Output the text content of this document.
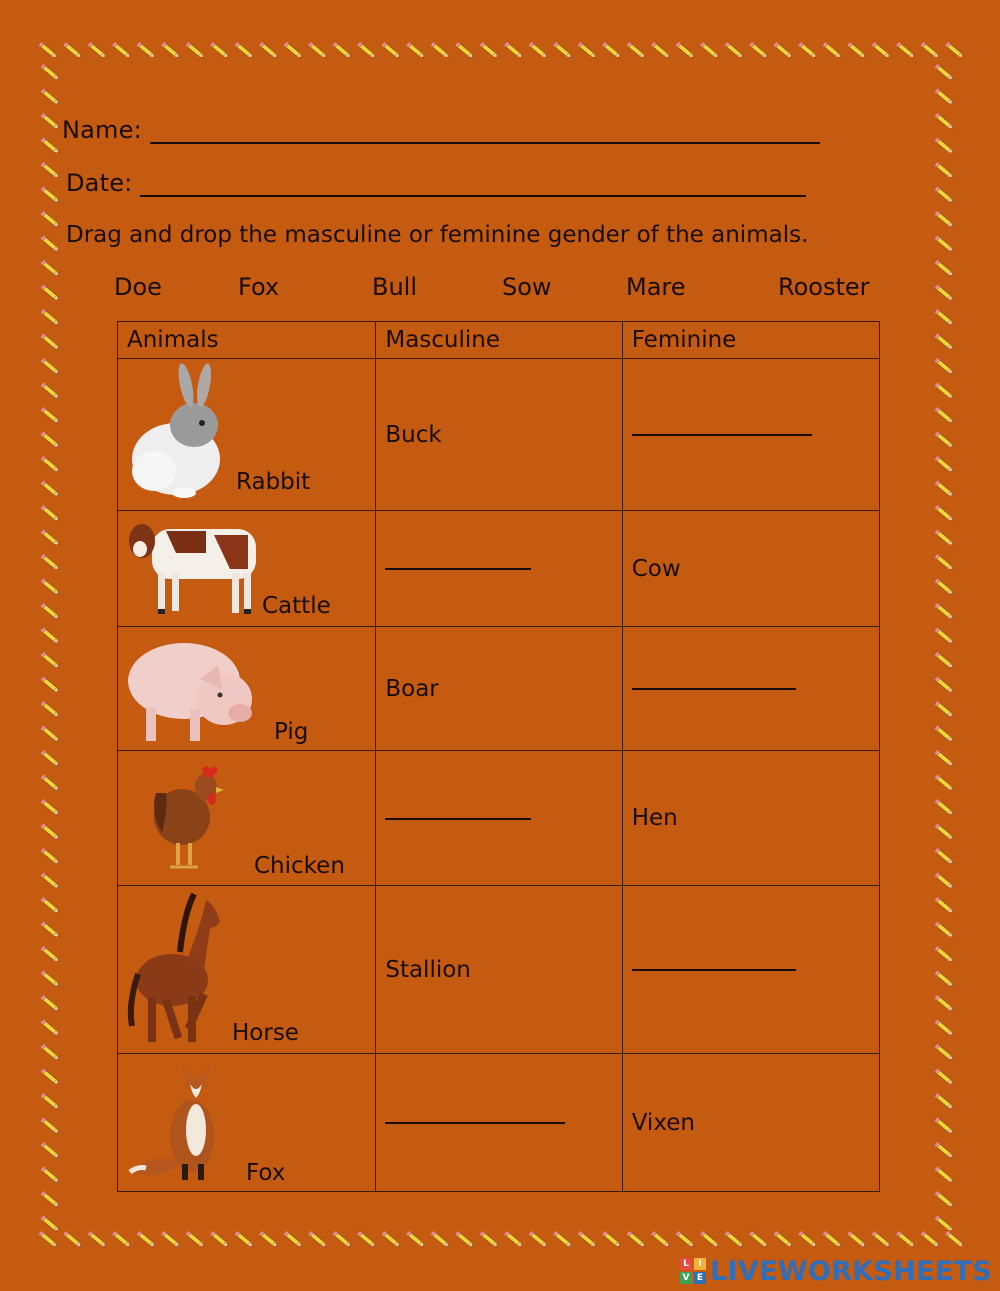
Name:
Date:
Drag and drop the masculine or feminine gender of the animals.
Doe	Fox	Bull	Sow	Mare	Rooster
Animals	Masculine	Feminine

Rabbit	Buck	

Cattle		Cow

Pig	Boar	

Chicken		Hen

Horse	Stallion	

Fox		Vixen
L	I
V E LIVEWORKSHEETS
